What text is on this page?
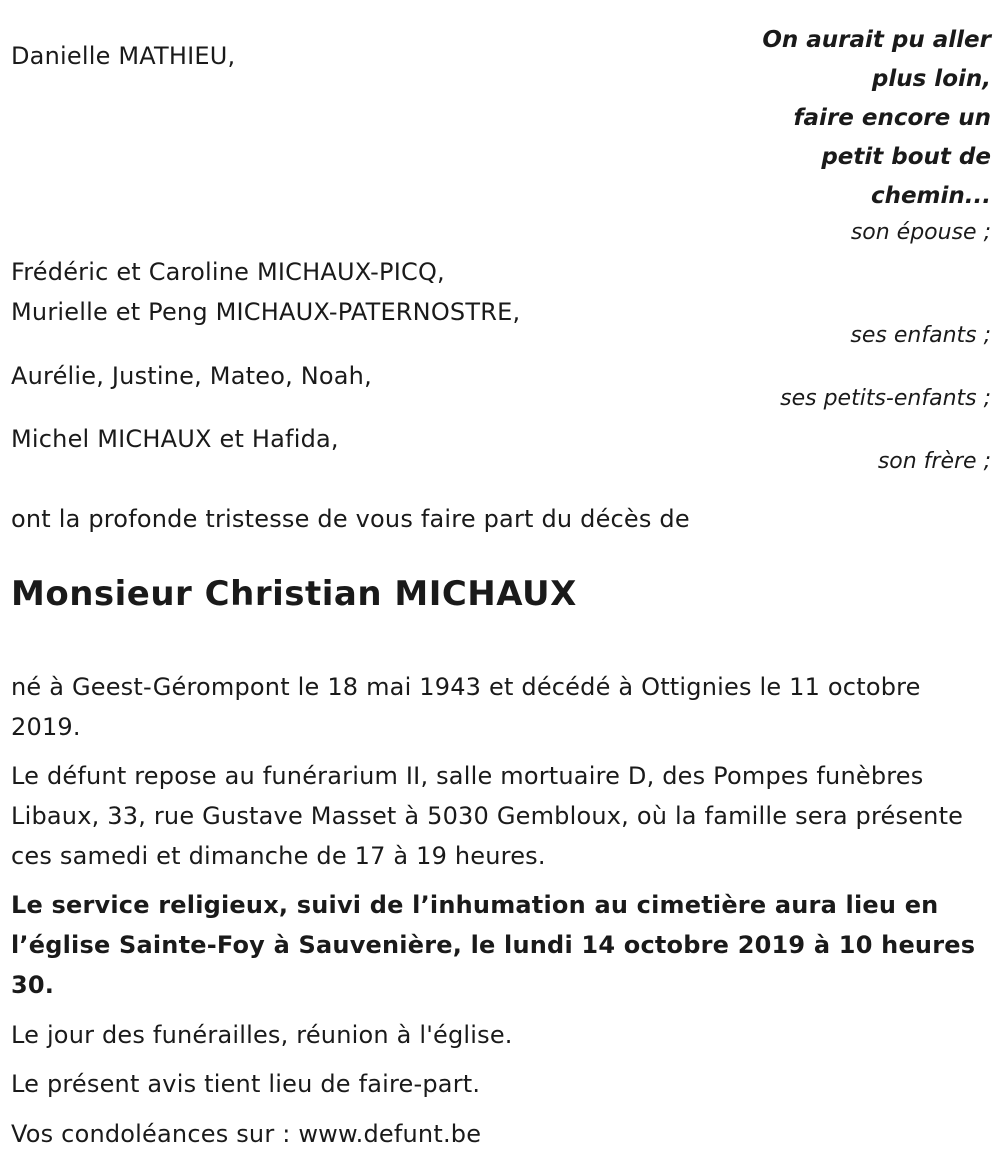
On aurait pu aller
plus loin,
faire encore un
petit bout de
chemin...
Danielle MATHIEU,
son épouse ;
Frédéric et Caroline MICHAUX-PICQ,
Murielle et Peng MICHAUX-PATERNOSTRE,
ses enfants ;
Aurélie, Justine, Mateo, Noah,
ses petits-enfants ;
Michel MICHAUX et Hafida,
son frère ;
ont la profonde tristesse de vous faire part du décès de
Monsieur Christian MICHAUX
né à Geest-Gérompont le 18 mai 1943 et décédé à Ottignies le 11 octobre 2019.
Le défunt repose au funérarium II, salle mortuaire D, des Pompes funèbres Libaux, 33, rue Gustave Masset à 5030 Gembloux, où la famille sera présente ces samedi et dimanche de 17 à 19 heures.
Le service religieux, suivi de l’inhumation au cimetière aura lieu en l’église Sainte-Foy à Sauvenière, le lundi 14 octobre 2019 à 10 heures 30.
Le jour des funérailles, réunion à l'église.
Le présent avis tient lieu de faire-part.
Vos condoléances sur : www.defunt.be
